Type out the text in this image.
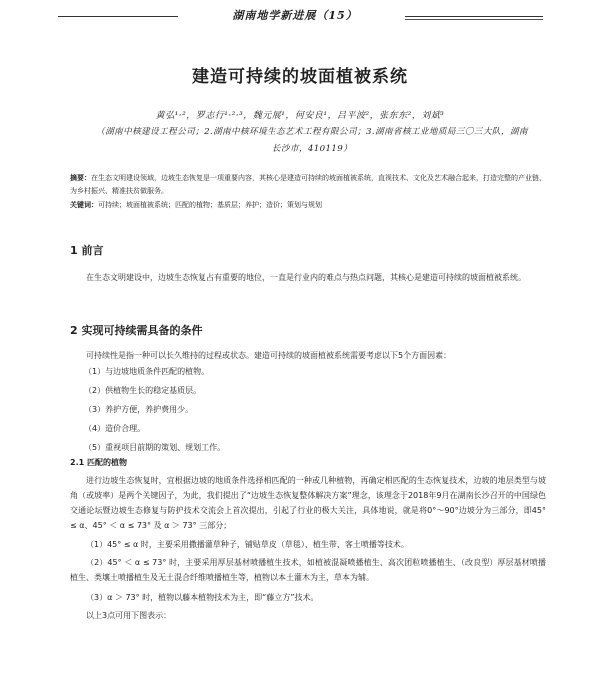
湖南地学新进展（15）
建造可持续的坡面植被系统
黄弘¹·²，罗志行¹·²·³，魏元展¹，何安良¹，吕平波²，张东东²，刘斌³
（湖南中核建设工程公司；2.湖南中核环境生态艺术工程有限公司；3.湖南省核工业地质局三〇三大队，湖南长沙市，410119）
摘要：在生态文明建设领域，边坡生态恢复是一项重要内容，其核心是建造可持续的坡面植被系统，直视技术、文化及艺术融合起来，打造完整的产业链，为乡村振兴、精准扶贫做服务。
关键词：可持续；坡面植被系统；匹配的植物；基质层；养护；造价；策划与规划
1 前言
在生态文明建设中，边坡生态恢复占有重要的地位，一直是行业内的难点与热点问题，其核心是建造可持续的坡面植被系统。
2 实现可持续需具备的条件
可持续性是指一种可以长久维持的过程或状态。建造可持续的坡面植被系统需要考虑以下5个方面因素：
（1）与边坡地质条件匹配的植物。
（2）供植物生长的稳定基质层。
（3）养护方便，养护费用少。
（4）造价合理。
（5）重视项目前期的策划、规划工作。
2.1 匹配的植物
进行边坡生态恢复时，宜根据边坡的地质条件选择相匹配的一种或几种植物，再确定相匹配的生态恢复技术，边坡的地层类型与坡角（或坡率）是两个关键因子，为此，我们提出了“边坡生态恢复整体解决方案”理念，该理念于2018年9月在湖南长沙召开的中国绿色交通论坛暨边坡生态修复与防护技术交流会上首次提出，引起了行业的极大关注，具体地说，就是将0°～90°边坡分为三部分，即45° ≤ α、45° ＜ α ≤ 73° 及 α ＞ 73° 三部分；
（1）45° ≤ α 时，主要采用撒播灌草种子，铺贴草皮（草毯）、植生带、客土喷播等技术。
（2）45° ＜ α ≤ 73° 时，主要采用厚层基材喷播植生技术，如植被混凝喷播植生、高次团粒喷播植生、（改良型）厚层基材喷播植生、类壤土喷播植生及无土混合纤维喷播植生等，植物以本土灌木为主，草本为辅。
（3）α ＞ 73° 时，植物以藤本植物技术为主，即“藤立方”技术。
以上3点可用下图表示：
